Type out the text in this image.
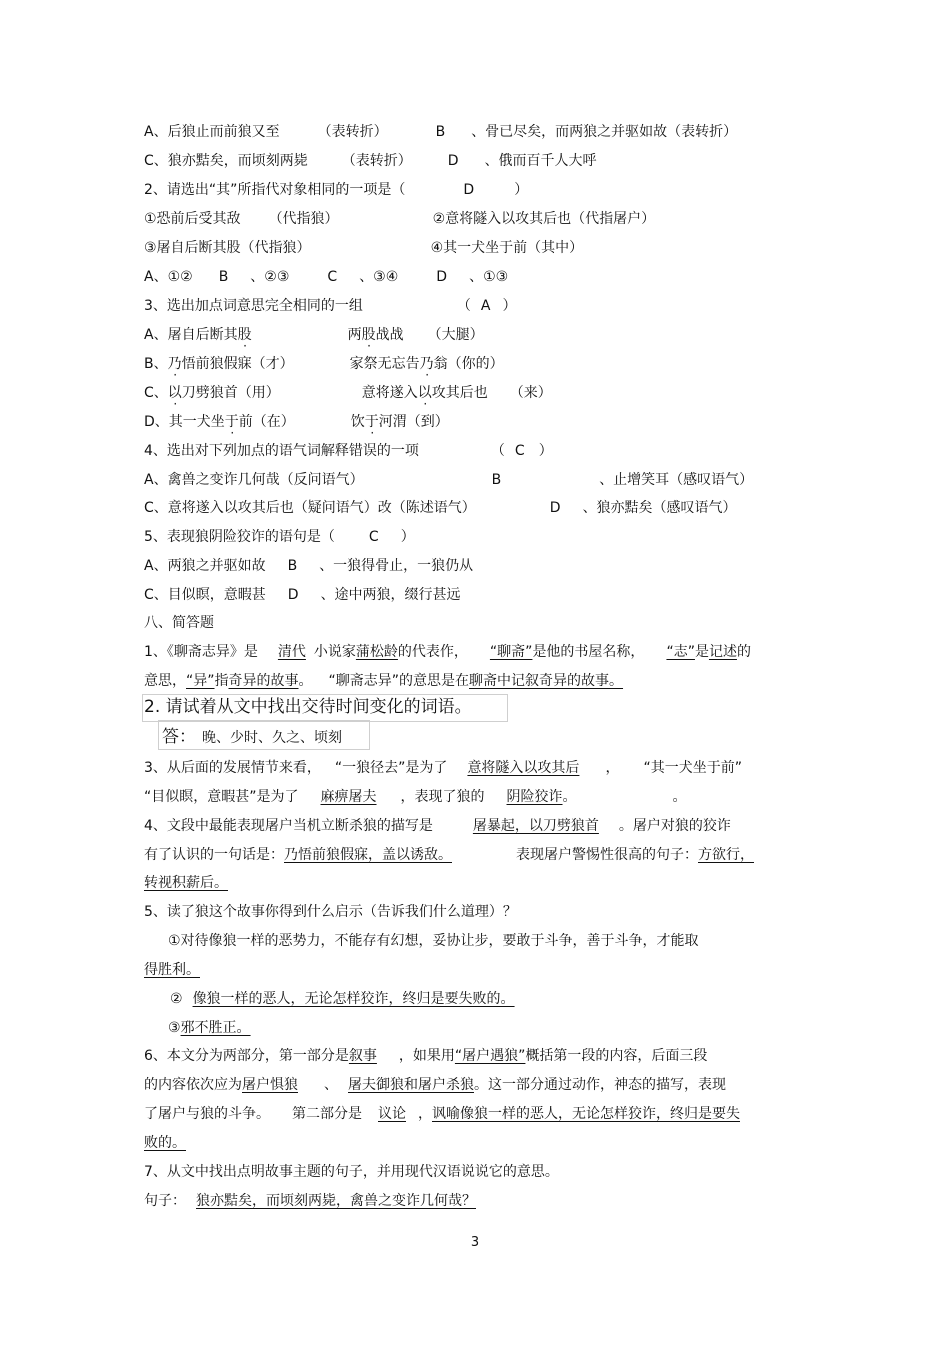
A、后狼止而前狼又至	（表转折）	B 、骨已尽矣，而两狼之并驱如故（表转折）
C、狼亦黠矣，而顷刻两毙 （表转折）	D 、俄而百千人大呼
2、请选出“其”所指代对象相同的一项是（	D	）
①恐前后受其敌 （代指狼）	②意将隧入以攻其后也（代指屠户）
③屠自后断其股（代指狼）	④其一犬坐于前（其中）
A、①② B 、②③	C 、③④	D 、①③
3、选出加点词意思完全相同的一组	（ A ）
A、屠自后断其股	两股战战 （大腿）
B、乃悟前狼假寐（才）	家祭无忘告乃翁（你的）
C、以刀劈狼首（用）	意将遂入以攻其后也 （来）
D、其一犬坐于前（在）	饮于河渭（到）
4、选出对下列加点的语气词解释错误的一项	（ C ）
A、禽兽之变诈几何哉（反问语气）	B	、止增笑耳（感叹语气）
C、意将遂入以攻其后也（疑问语气）改（陈述语气）	D 、狼亦黠矣（感叹语气）
5、表现狼阴险狡诈的语句是（ C ）
A、两狼之并驱如故 B 、一狼得骨止，一狼仍从
C、目似瞑，意暇甚 D 、途中两狼，缀行甚远
八、简答题
1、《聊斋志异》是 清代 小说家蒲松龄的代表作， “聊斋”是他的书屋名称， “志”是记述的
意思，“异”指奇异的故事。 “聊斋志异”的意思是在聊斋中记叙奇异的故事。
2. 请试着从文中找出交待时间变化的词语。
答： 晚、少时、久之、顷刻
3、从后面的发展情节来看， “一狼径去”是为了 意将隧入以攻其后 ， “其一犬坐于前”
“目似瞑，意暇甚”是为了 麻痹屠夫 ，表现了狼的 阴险狡诈。	。
4、文段中最能表现屠户当机立断杀狼的描写是	屠暴起，以刀劈狼首 。屠户对狼的狡诈
有了认识的一句话是：乃悟前狼假寐，盖以诱敌。	表现屠户警惕性很高的句子：方欲行，
转视积薪后。
5、读了狼这个故事你得到什么启示（告诉我们什么道理）？
①对待像狼一样的恶势力，不能存有幻想，妥协让步，要敢于斗争，善于斗争，才能取
得胜利。
② 像狼一样的恶人，无论怎样狡诈，终归是要失败的。
③邪不胜正。
6、本文分为两部分，第一部分是叙事 ，如果用“屠户遇狼”概括第一段的内容，后面三段
的内容依次应为屠户惧狼 、 屠夫御狼和屠户杀狼。这一部分通过动作，神态的描写，表现
了屠户与狼的斗争。 第二部分是 议论 ，讽喻像狼一样的恶人，无论怎样狡诈，终归是要失
败的。
7、从文中找出点明故事主题的句子，并用现代汉语说说它的意思。
句子： 狼亦黠矣，而顷刻两毙，禽兽之变诈几何哉？
3
